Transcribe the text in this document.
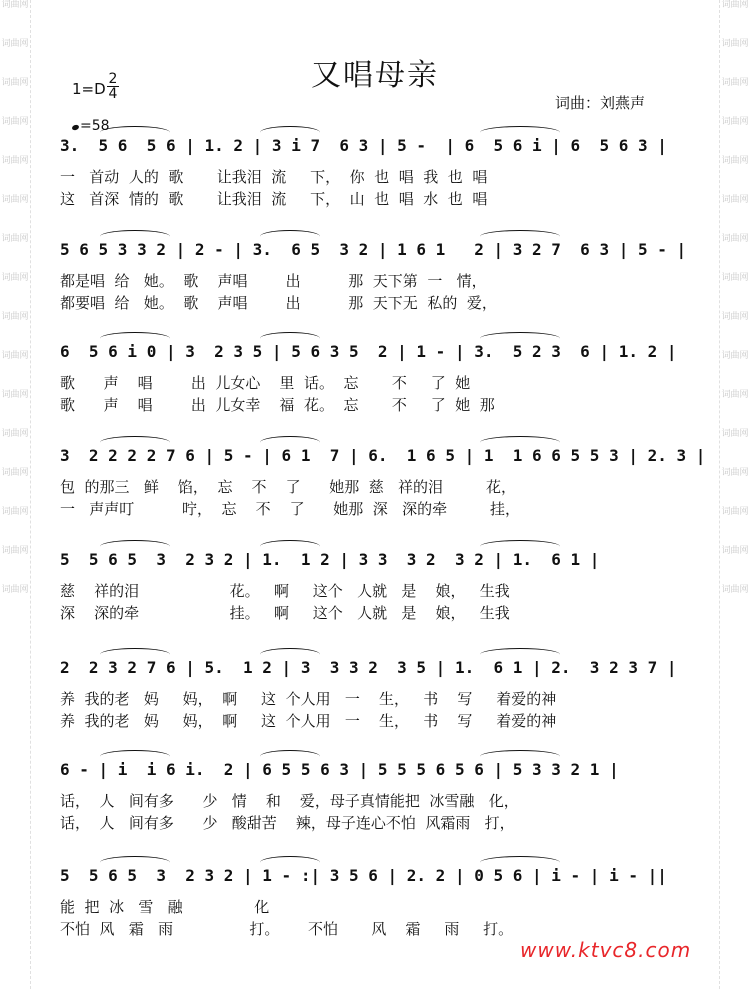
词曲网
词曲网
词曲网
词曲网
词曲网
词曲网
词曲网
词曲网
词曲网
词曲网
词曲网
词曲网
词曲网
词曲网
词曲网
词曲网
词曲网
词曲网
词曲网
词曲网
词曲网
词曲网
词曲网
词曲网
词曲网
词曲网
词曲网
词曲网
词曲网
词曲网
词曲网
词曲网
又唱母亲
$1=D \frac{2}{4}$
词曲：刘燕声
=58
3.  5 6  5 6 | 1. 2 | 3 i 7  6 3 | 5 -  | 6  5 6 i | 6  5 6 3 |
一   首动  人的  歌       让我泪  流     下，  你  也  唱  我  也  唱
这   首深  情的  歌       让我泪  流     下，  山  也  唱  水  也  唱
5 6 5 3 3 2 | 2 - | 3.  6 5  3 2 | 1 6 1   2 | 3 2 7  6 3 | 5 - |
都是唱  给   她。  歌    声唱        出          那  天下第  一   情，
都要唱  给   她。  歌    声唱        出          那  天下无  私的  爱，
6  5 6 i 0 | 3  2 3 5 | 5 6 3 5  2 | 1 - | 3.  5 2 3  6 | 1. 2 |
歌      声    唱        出  儿女心    里  话。  忘       不     了  她
歌      声    唱        出  儿女幸    福  花。  忘       不     了  她  那
3  2 2 2 2 7 6 | 5 - | 6 1  7 | 6.  1 6 5 | 1  1 6 6 5 5 3 | 2. 3 |
包  的那三   鲜    馅，  忘    不    了      她那  慈   祥的泪         花，
一   声声叮          咛，  忘    不    了      她那  深   深的牵         挂，
5  5 6 5  3  2 3 2 | 1.  1 2 | 3 3  3 2  3 2 | 1.  6 1 |
慈    祥的泪                   花。   啊     这个   人就   是    娘，   生我
深    深的牵                   挂。   啊     这个   人就   是    娘，   生我
2  2 3 2 7 6 | 5.  1 2 | 3  3 3 2  3 5 | 1.  6 1 | 2.  3 2 3 7 |
养  我的老   妈     妈，  啊     这  个人用   一    生，   书    写     着爱的神
养  我的老   妈     妈，  啊     这  个人用   一    生，   书    写     着爱的神
6 - | i  i 6 i.  2 | 6 5 5 6 3 | 5 5 5 6 5 6 | 5 3 3 2 1 |
话，  人   间有多      少   情    和    爱，母子真情能把  冰雪融   化，
话，  人   间有多      少   酸甜苦    辣，母子连心不怕  风霜雨   打，
5  5 6 5  3  2 3 2 | 1 - :| 3 5 6 | 2. 2 | 0 5 6 | i - | i - ||
能  把  冰   雪   融               化
不怕  风   霜   雨                打。      不怕       风    霜     雨     打。
www.ktvc8.com
